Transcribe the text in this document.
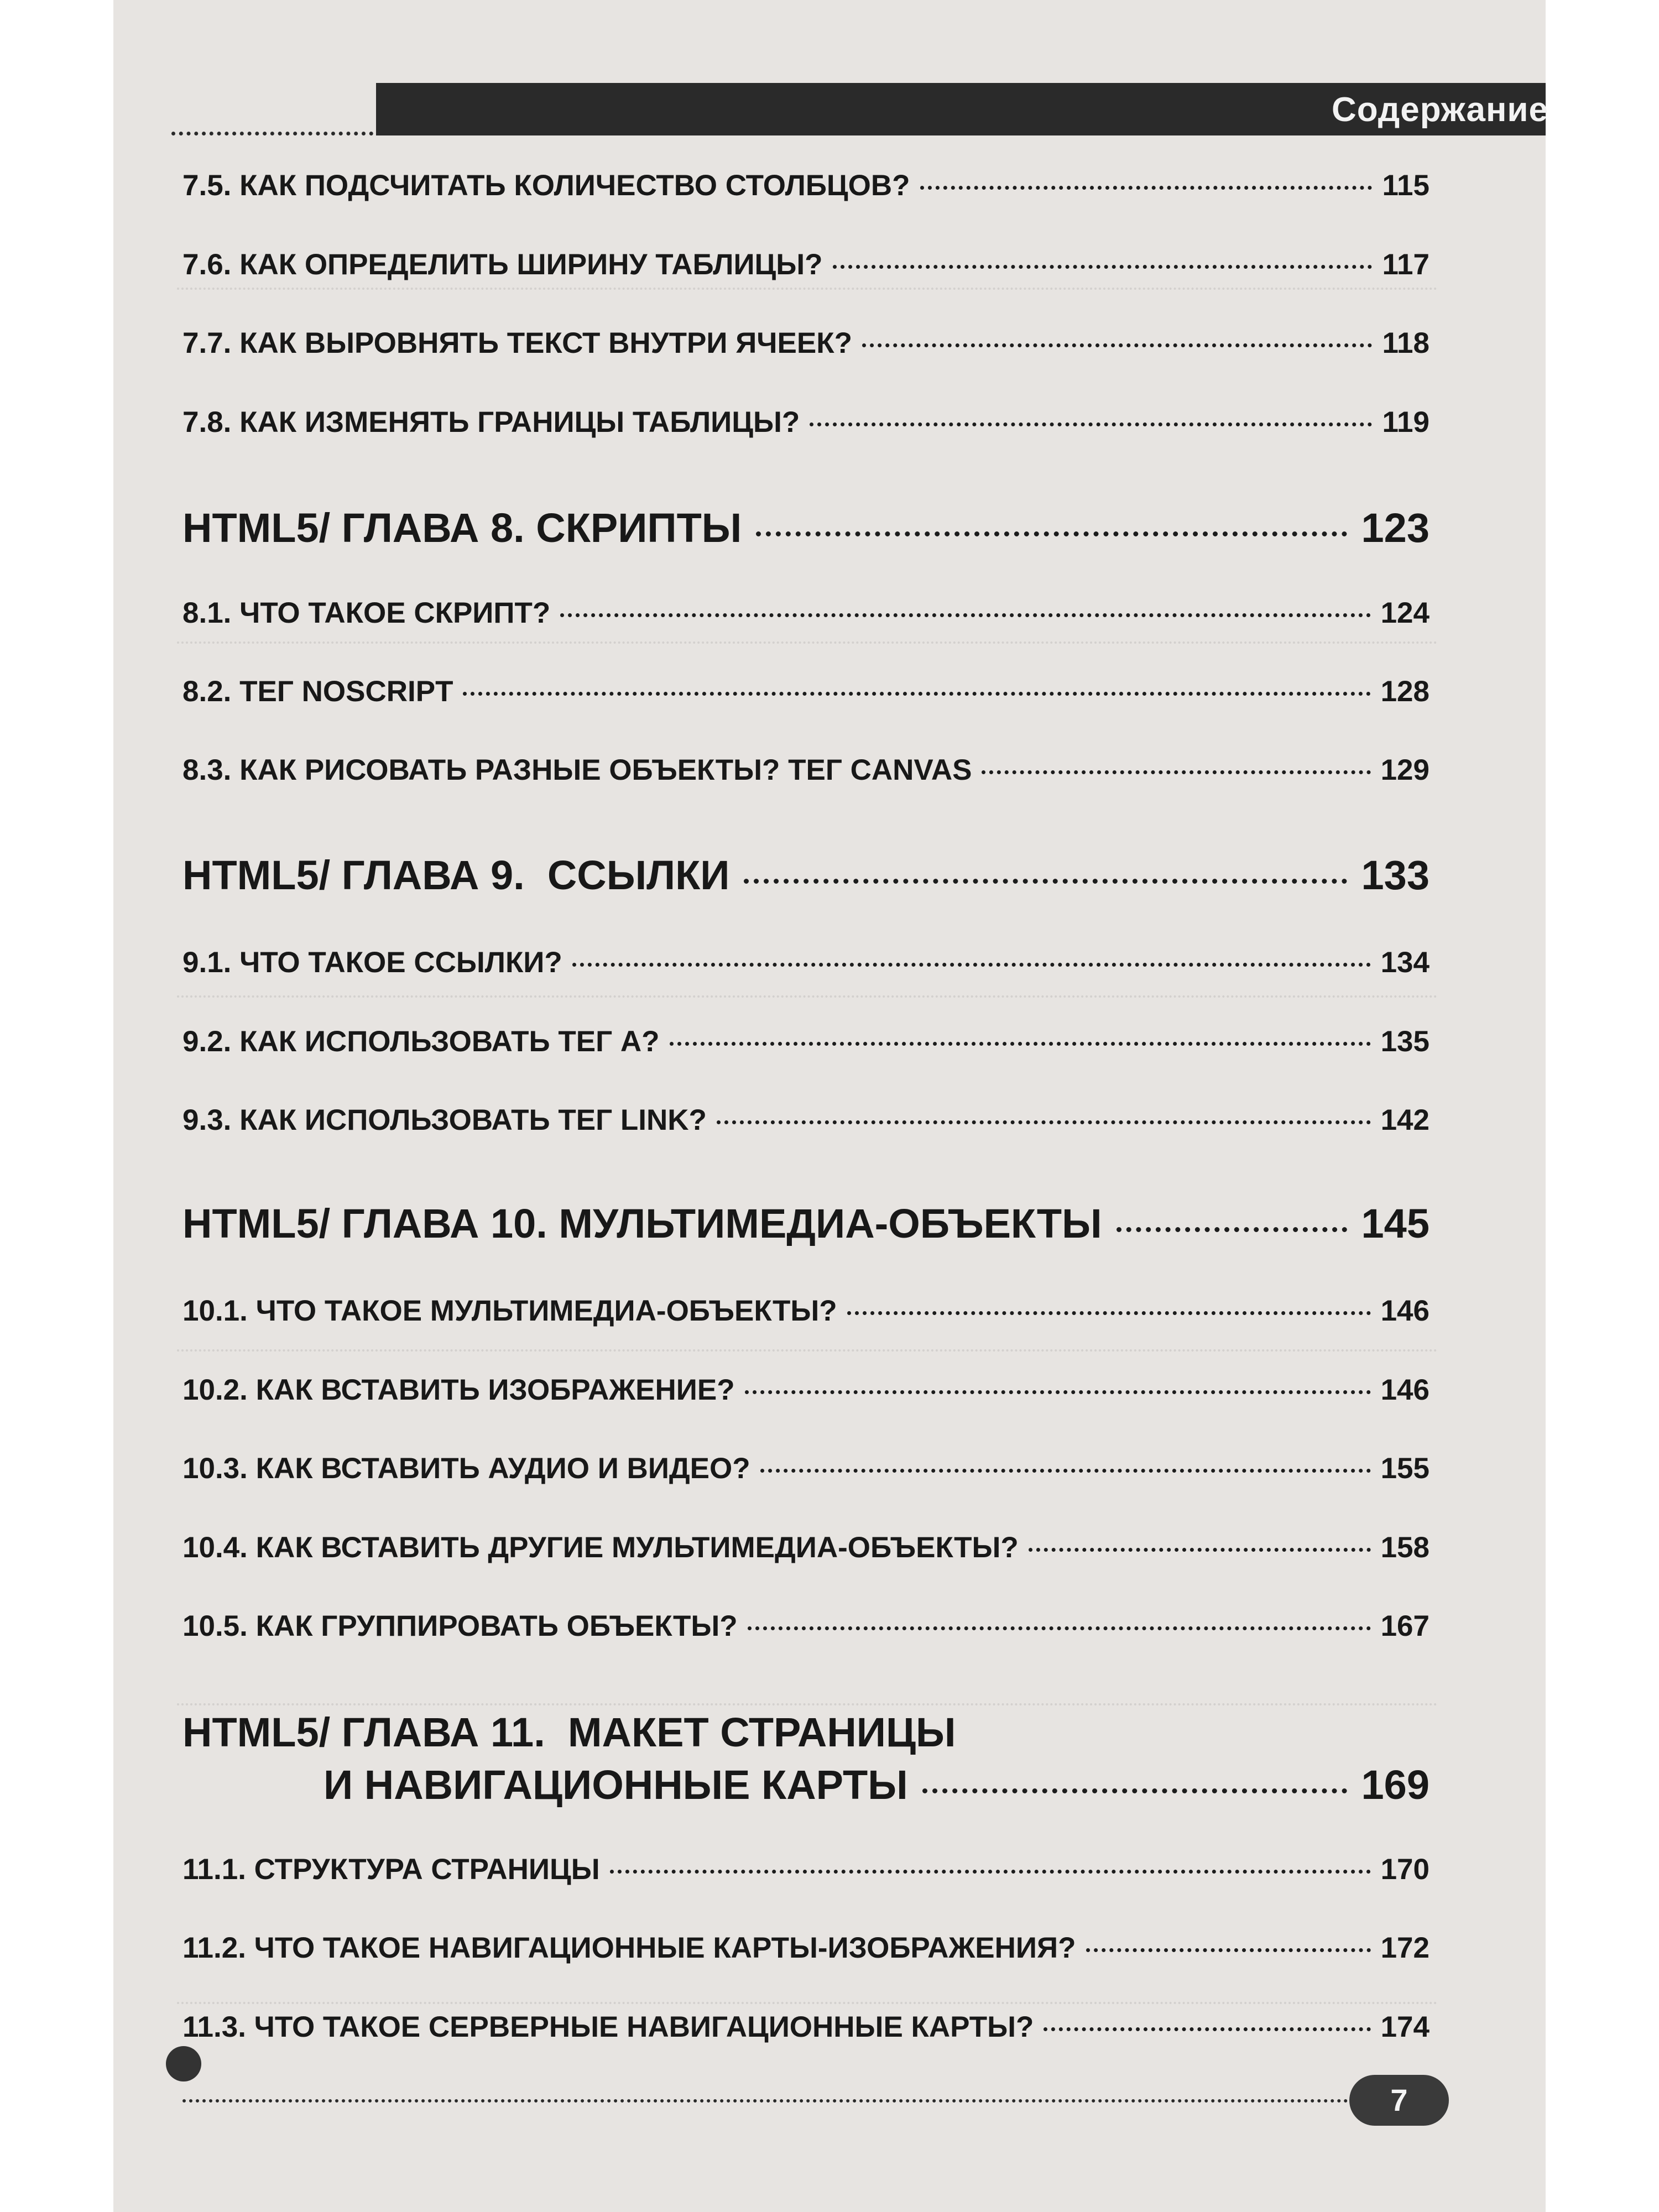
Содержание
7.5. КАК ПОДСЧИТАТЬ КОЛИЧЕСТВО СТОЛБЦОВ?	115
7.6. КАК ОПРЕДЕЛИТЬ ШИРИНУ ТАБЛИЦЫ?	117
7.7. КАК ВЫРОВНЯТЬ ТЕКСТ ВНУТРИ ЯЧЕЕК?	118
7.8. КАК ИЗМЕНЯТЬ ГРАНИЦЫ ТАБЛИЦЫ?	119
HTML5/ ГЛАВА 8. СКРИПТЫ	123
8.1. ЧТО ТАКОЕ СКРИПТ?	124
8.2. ТЕГ NOSCRIPT	128
8.3. КАК РИСОВАТЬ РАЗНЫЕ ОБЪЕКТЫ? ТЕГ CANVAS	129
HTML5/ ГЛАВА 9.  ССЫЛКИ	133
9.1. ЧТО ТАКОЕ ССЫЛКИ?	134
9.2. КАК ИСПОЛЬЗОВАТЬ ТЕГ A?	135
9.3. КАК ИСПОЛЬЗОВАТЬ ТЕГ LINK?	142
HTML5/ ГЛАВА 10. МУЛЬТИМЕДИА-ОБЪЕКТЫ	145
10.1. ЧТО ТАКОЕ МУЛЬТИМЕДИА-ОБЪЕКТЫ?	146
10.2. КАК ВСТАВИТЬ ИЗОБРАЖЕНИЕ?	146
10.3. КАК ВСТАВИТЬ АУДИО И ВИДЕО?	155
10.4. КАК ВСТАВИТЬ ДРУГИЕ МУЛЬТИМЕДИА-ОБЪЕКТЫ?	158
10.5. КАК ГРУППИРОВАТЬ ОБЪЕКТЫ?	167
HTML5/ ГЛАВА 11.  МАКЕТ СТРАНИЦЫ
И НАВИГАЦИОННЫЕ КАРТЫ	169
11.1. СТРУКТУРА СТРАНИЦЫ	170
11.2. ЧТО ТАКОЕ НАВИГАЦИОННЫЕ КАРТЫ-ИЗОБРАЖЕНИЯ?	172
11.3. ЧТО ТАКОЕ СЕРВЕРНЫЕ НАВИГАЦИОННЫЕ КАРТЫ?	174
7
